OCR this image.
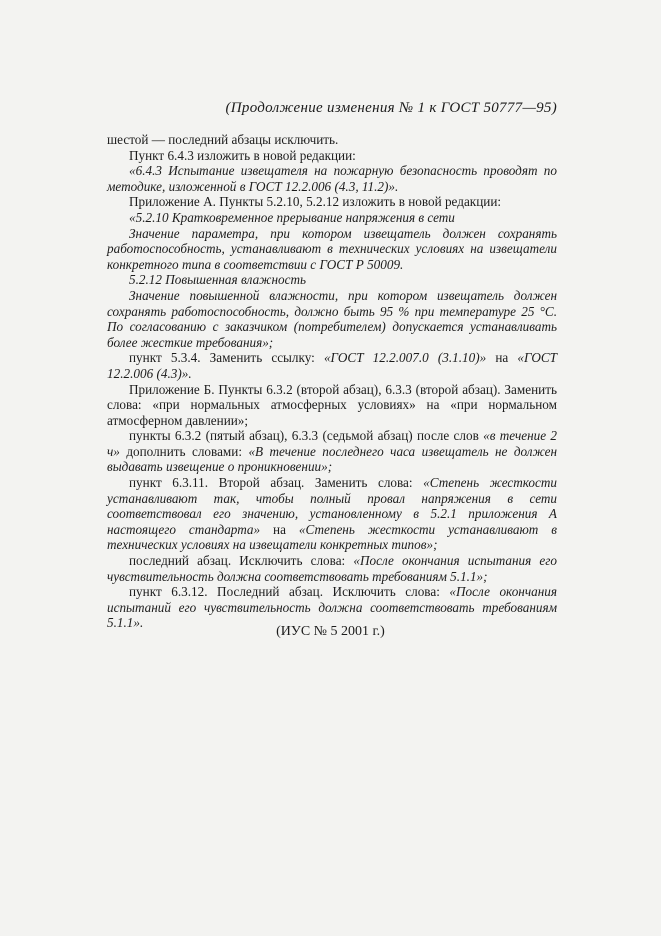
(Продолжение изменения № 1 к ГОСТ 50777—95)

шестой — последний абзацы исключить.

Пункт 6.4.3 изложить в новой редакции:

«6.4.3 Испытание извещателя на пожарную безопасность проводят по методике, изложенной в ГОСТ 12.2.006 (4.3, 11.2)».

Приложение А. Пункты 5.2.10, 5.2.12 изложить в новой редакции:

«5.2.10 Кратковременное прерывание напряжения в сети

Значение параметра, при котором извещатель должен сохранять работоспособность, устанавливают в технических условиях на извещатели конкретного типа в соответствии с ГОСТ Р 50009.

5.2.12 Повышенная влажность

Значение повышенной влажности, при котором извещатель должен сохранять работоспособность, должно быть 95 % при температуре 25 °С. По согласованию с заказчиком (потребителем) допускается устанавливать более жесткие требования»;

пункт 5.3.4. Заменить ссылку: «ГОСТ 12.2.007.0 (3.1.10)» на «ГОСТ 12.2.006 (4.3)».

Приложение Б. Пункты 6.3.2 (второй абзац), 6.3.3 (второй абзац). Заменить слова: «при нормальных атмосферных условиях» на «при нормальном атмосферном давлении»;

пункты 6.3.2 (пятый абзац), 6.3.3 (седьмой абзац) после слов «в течение 2 ч» дополнить словами: «В течение последнего часа извещатель не должен выдавать извещение о проникновении»;

пункт 6.3.11. Второй абзац. Заменить слова: «Степень жесткости устанавливают так, чтобы полный провал напряжения в сети соответствовал его значению, установленному в 5.2.1 приложения А настоящего стандарта» на «Степень жесткости устанавливают в технических условиях на извещатели конкретных типов»;

последний абзац. Исключить слова: «После окончания испытания его чувствительность должна соответствовать требованиям 5.1.1»;

пункт 6.3.12. Последний абзац. Исключить слова: «После окончания испытаний его чувствительность должна соответствовать требованиям 5.1.1».

(ИУС № 5 2001 г.)
